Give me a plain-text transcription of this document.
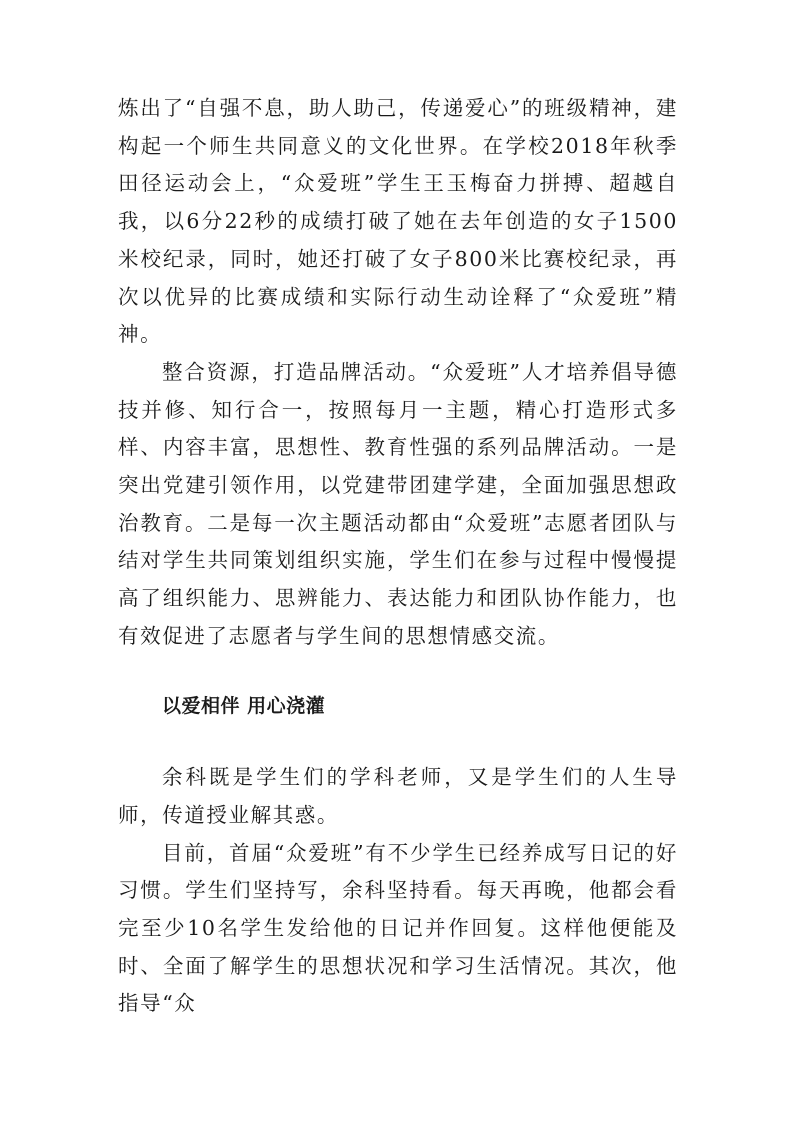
炼出了“自强不息，助人助己，传递爱心”的班级精神，建构起一个师生共同意义的文化世界。在学校2018年秋季田径运动会上，“众爱班”学生王玉梅奋力拼搏、超越自我，以6分22秒的成绩打破了她在去年创造的女子1500米校纪录，同时，她还打破了女子800米比赛校纪录，再次以优异的比赛成绩和实际行动生动诠释了“众爱班”精神。

整合资源，打造品牌活动。“众爱班”人才培养倡导德技并修、知行合一，按照每月一主题，精心打造形式多样、内容丰富，思想性、教育性强的系列品牌活动。一是突出党建引领作用，以党建带团建学建，全面加强思想政治教育。二是每一次主题活动都由“众爱班”志愿者团队与结对学生共同策划组织实施，学生们在参与过程中慢慢提高了组织能力、思辨能力、表达能力和团队协作能力，也有效促进了志愿者与学生间的思想情感交流。

以爱相伴 用心浇灌

余科既是学生们的学科老师，又是学生们的人生导师，传道授业解其惑。

目前，首届“众爱班”有不少学生已经养成写日记的好习惯。学生们坚持写，余科坚持看。每天再晚，他都会看完至少10名学生发给他的日记并作回复。这样他便能及时、全面了解学生的思想状况和学习生活情况。其次，他指导“众
